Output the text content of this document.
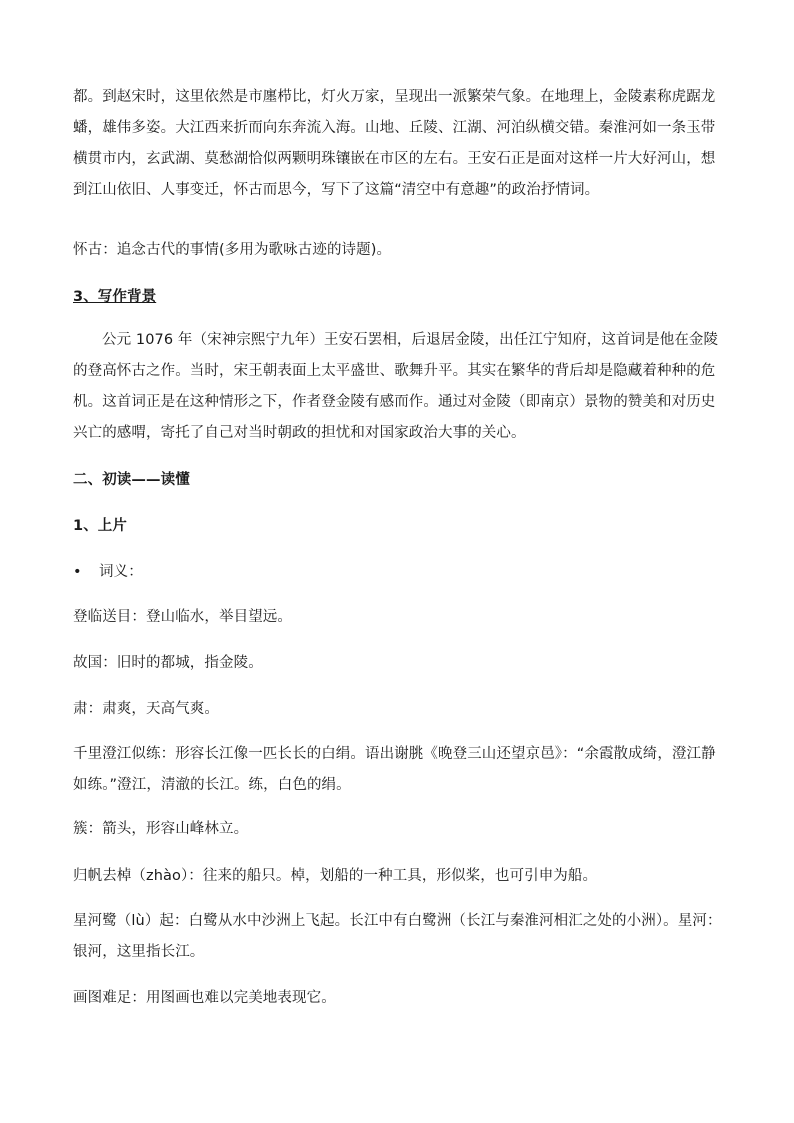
都。到赵宋时，这里依然是市廛栉比，灯火万家，呈现出一派繁荣气象。在地理上，金陵素称虎踞龙蟠，雄伟多姿。大江西来折而向东奔流入海。山地、丘陵、江湖、河泊纵横交错。秦淮河如一条玉带横贯市内，玄武湖、莫愁湖恰似两颗明珠镶嵌在市区的左右。王安石正是面对这样一片大好河山，想到江山依旧、人事变迁，怀古而思今，写下了这篇“清空中有意趣”的政治抒情词。

怀古：追念古代的事情(多用为歌咏古迹的诗题)。

3、写作背景

公元 1076 年（宋神宗熙宁九年）王安石罢相，后退居金陵，出任江宁知府，这首词是他在金陵的登高怀古之作。当时，宋王朝表面上太平盛世、歌舞升平。其实在繁华的背后却是隐藏着种种的危机。这首词正是在这种情形之下，作者登金陵有感而作。通过对金陵（即南京）景物的赞美和对历史兴亡的感喟，寄托了自己对当时朝政的担忧和对国家政治大事的关心。

二、初读——读懂

1、上片

•	词义：

登临送目：登山临水，举目望远。

故国：旧时的都城，指金陵。

肃：肃爽，天高气爽。

千里澄江似练：形容长江像一匹长长的白绢。语出谢朓《晚登三山还望京邑》：“余霞散成绮，澄江静如练。”澄江，清澈的长江。练，白色的绢。

簇：箭头，形容山峰林立。

归帆去棹（zhào）：往来的船只。棹，划船的一种工具，形似桨，也可引申为船。

星河鹭（lù）起：白鹭从水中沙洲上飞起。长江中有白鹭洲（长江与秦淮河相汇之处的小洲）。星河：银河，这里指长江。

画图难足：用图画也难以完美地表现它。
